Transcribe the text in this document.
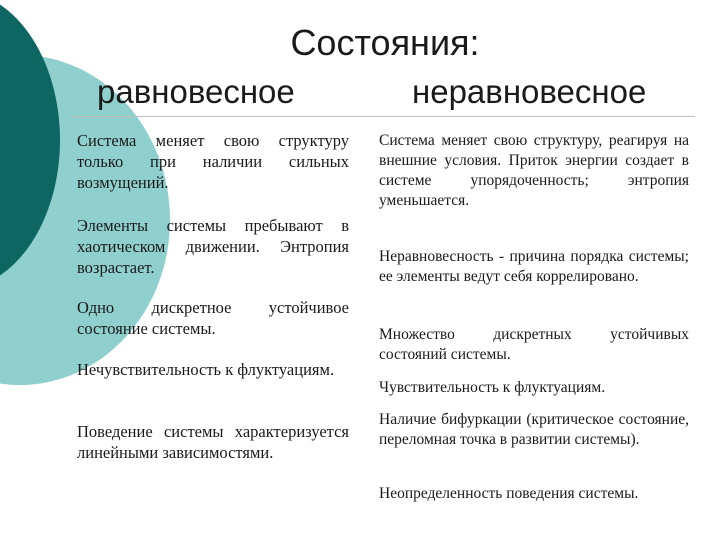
Состояния:
равновесное	неравновесное
Система меняет свою структуру только при наличии сильных возмущений.
Элементы системы пребывают в хаотическом движении. Энтропия возрастает.
Одно дискретное устойчивое состояние системы.
Нечувствительность к флуктуациям.
Поведение системы характеризуется линейными зависимостями.
Система меняет свою структуру, реагируя на внешние условия. Приток энергии создает в системе упорядоченность; энтропия уменьшается.
Неравновесность - причина порядка системы; ее элементы ведут себя коррелировано.
Множество дискретных устойчивых состояний системы.
Чувствительность к флуктуациям.
Наличие бифуркации (критическое состояние, переломная точка в развитии системы).
Неопределенность поведения системы.
